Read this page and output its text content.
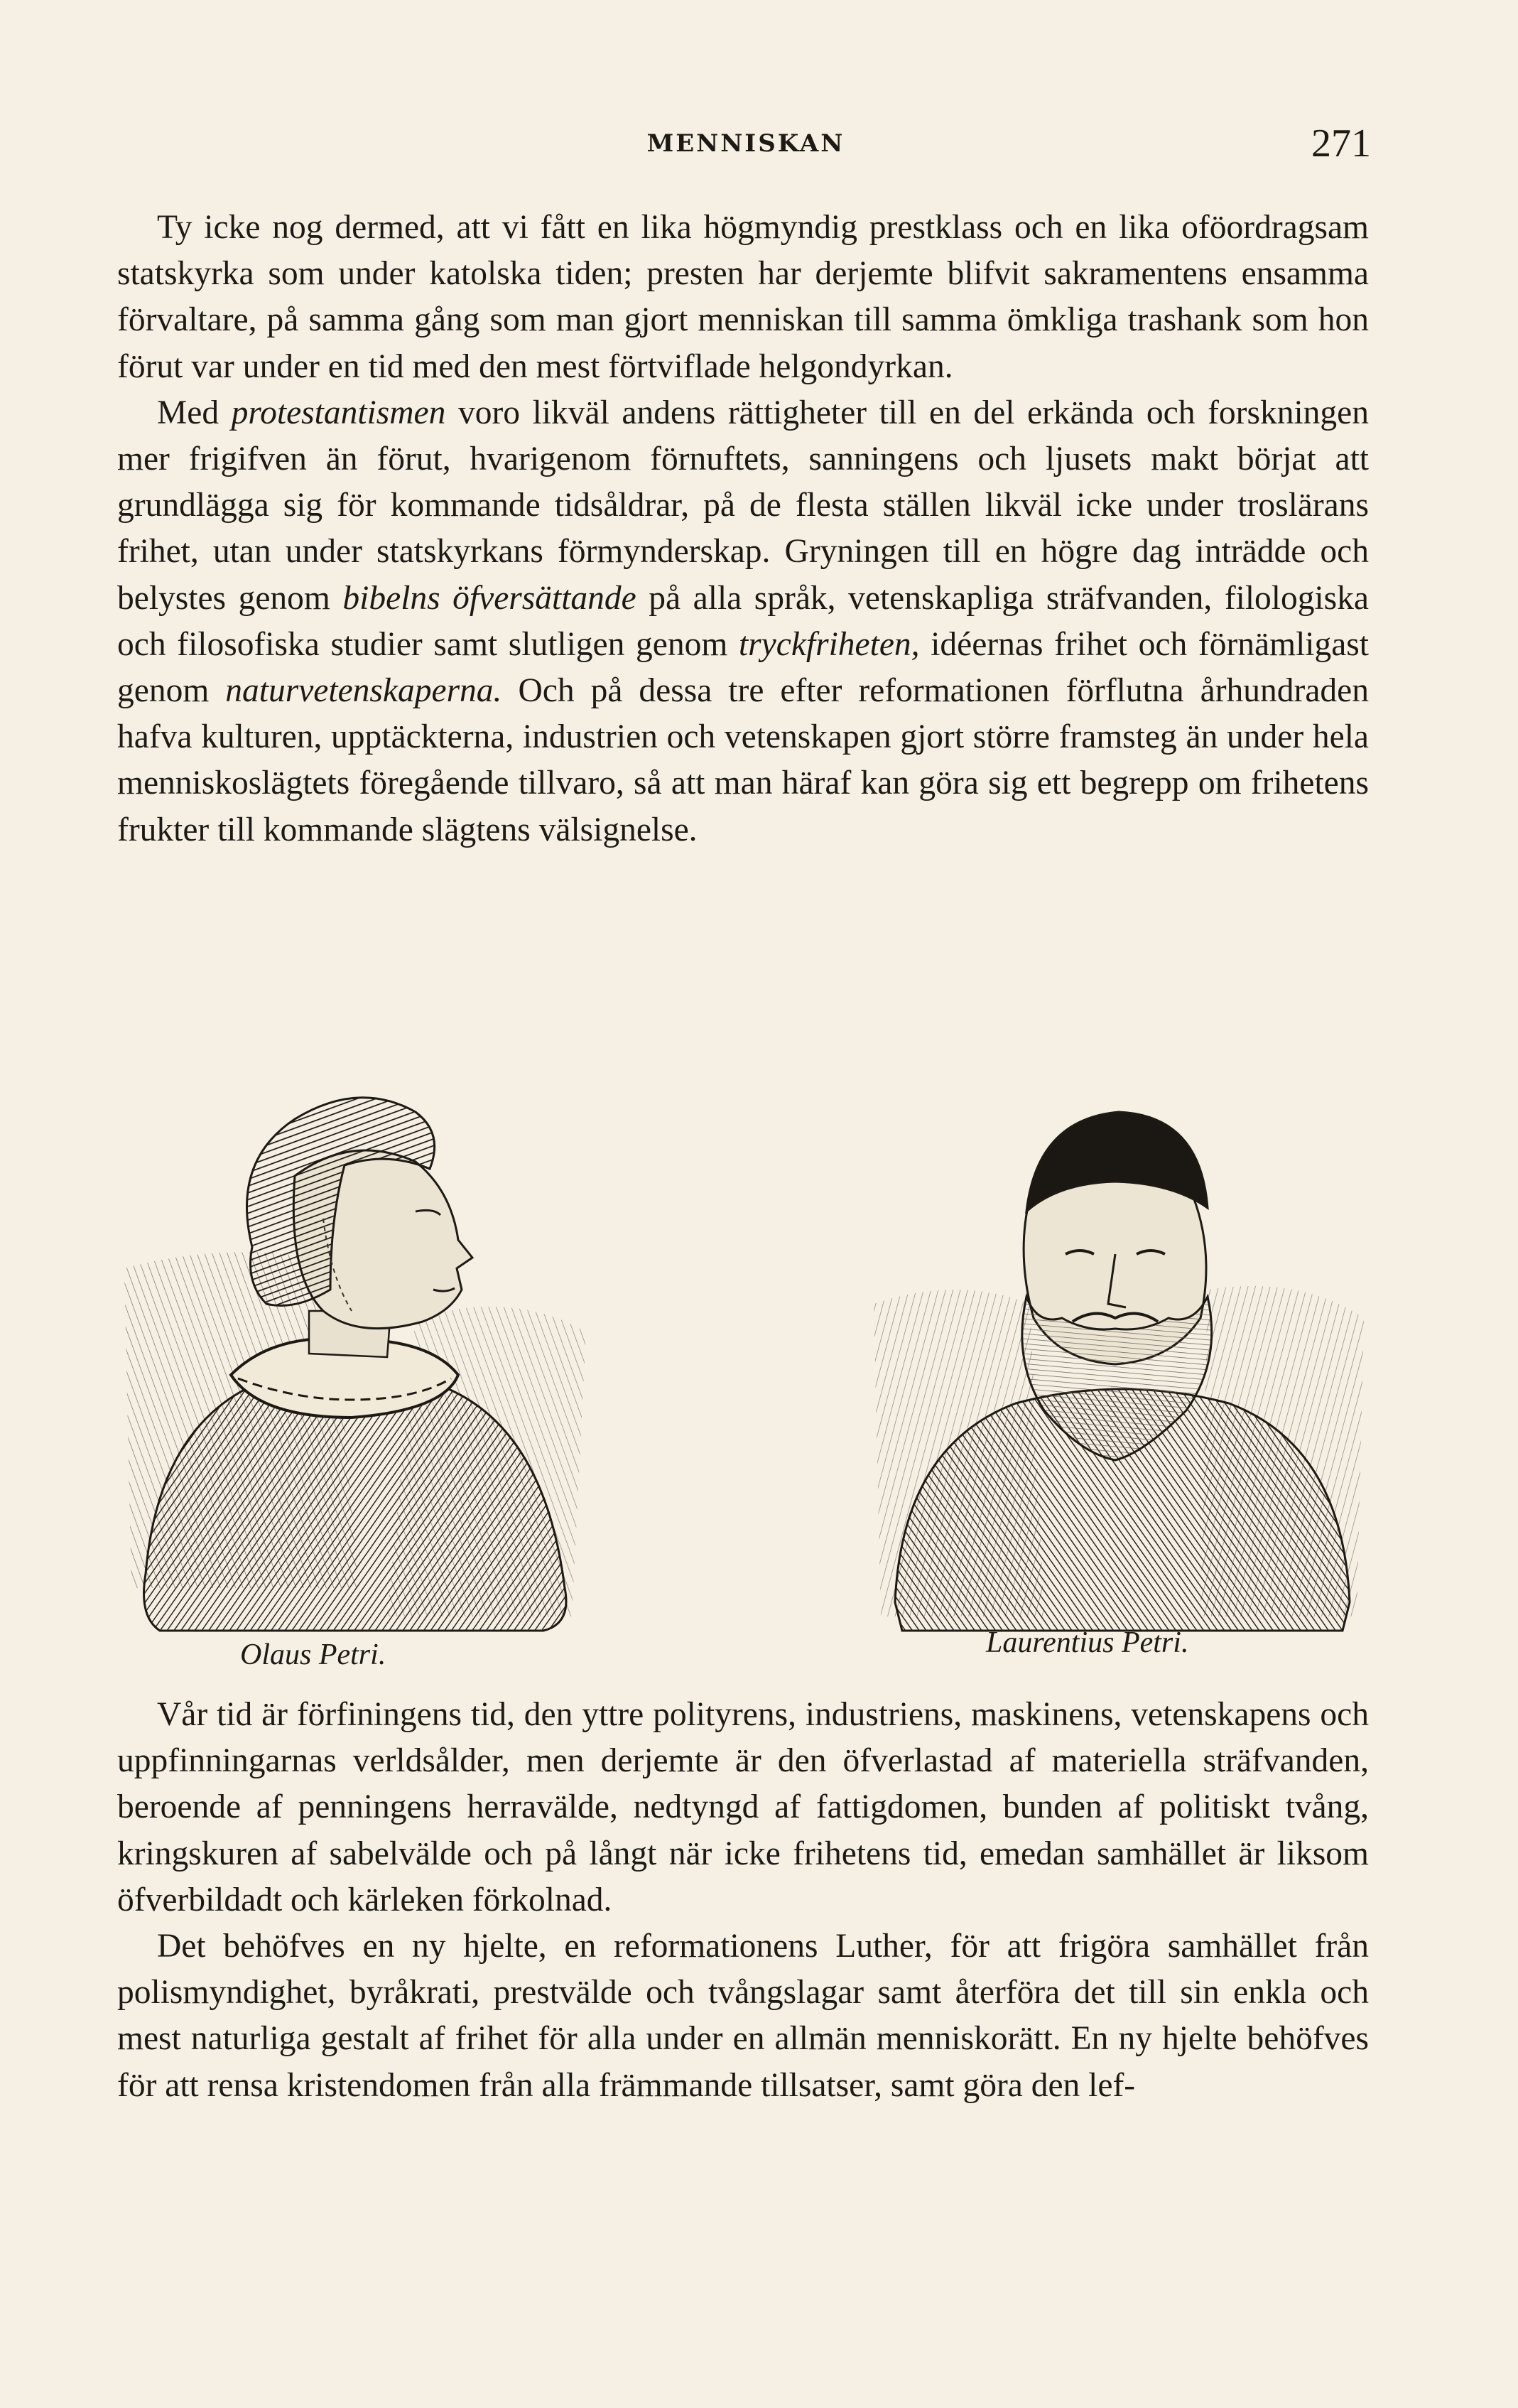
MENNISKAN	271

Ty icke nog dermed, att vi fått en lika högmyndig prestklass och en lika oföordragsam statskyrka som under katolska tiden; presten har derjemte blifvit sakramentens ensamma förvaltare, på samma gång som man gjort menniskan till samma ömkliga trashank som hon förut var under en tid med den mest förtviflade helgondyrkan.

Med protestantismen voro likväl andens rättigheter till en del erkända och forskningen mer frigifven än förut, hvarigenom förnuftets, sanningens och ljusets makt börjat att grundlägga sig för kommande tidsåldrar, på de flesta ställen likväl icke under troslärans frihet, utan under statskyrkans förmynderskap. Gryningen till en högre dag inträdde och belystes genom bibelns öfversättande på alla språk, vetenskapliga sträfvanden, filologiska och filosofiska studier samt slutligen genom tryckfriheten, idéernas frihet och förnämligast genom naturvetenskaperna. Och på dessa tre efter reformationen förflutna århundraden hafva kulturen, upptäckterna, industrien och vetenskapen gjort större framsteg än under hela menniskoslägtets föregående tillvaro, så att man häraf kan göra sig ett begrepp om frihetens frukter till kommande slägtens välsignelse.

Olaus Petri.	Laurentius Petri.

Vår tid är förfiningens tid, den yttre polityrens, industriens, maskinens, vetenskapens och uppfinningarnas verldsålder, men derjemte är den öfverlastad af materiella sträfvanden, beroende af penningens herravälde, nedtyngd af fattigdomen, bunden af politiskt tvång, kringskuren af sabelvälde och på långt när icke frihetens tid, emedan samhället är liksom öfverbildadt och kärleken förkolnad.

Det behöfves en ny hjelte, en reformationens Luther, för att frigöra samhället från polismyndighet, byråkrati, prestvälde och tvångslagar samt återföra det till sin enkla och mest naturliga gestalt af frihet för alla under en allmän menniskorätt. En ny hjelte behöfves för att rensa kristendomen från alla främmande tillsatser, samt göra den lef-
